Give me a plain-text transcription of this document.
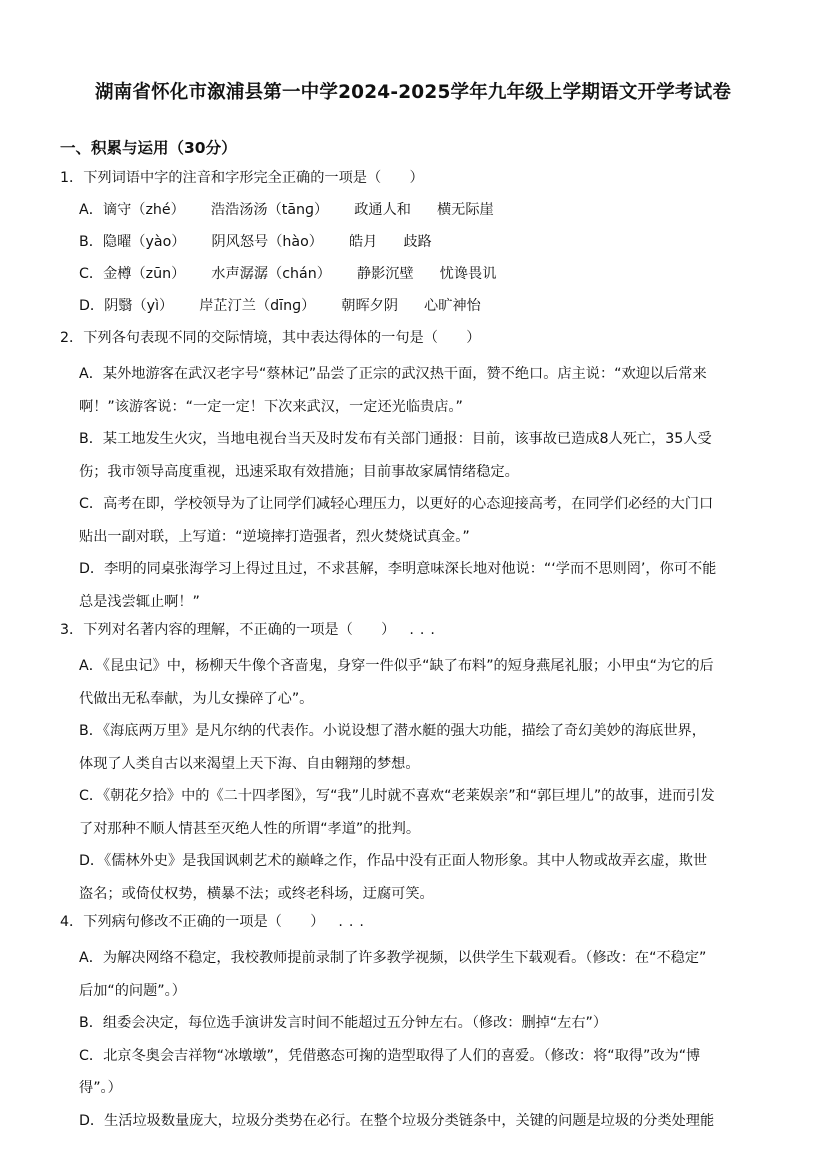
湖南省怀化市溆浦县第一中学2024-2025学年九年级上学期语文开学考试卷
一、积累与运用（30分）
1．下列词语中字的注音和字形完全正确的一项是（　　）
A．谪守（zhé） 浩浩汤汤（tānɡ） 政通人和 横无际崖
B．隐曜（yào） 阴风怒号（hào） 皓月 歧路
C．金樽（zūn） 水声潺潺（chán） 静影沉壁 忧谗畏讥
D．阴翳（yì） 岸芷汀兰（dīnɡ） 朝晖夕阴 心旷神怡
2．下列各句表现不同的交际情境，其中表达得体的一句是（　　）
A．某外地游客在武汉老字号“蔡林记”品尝了正宗的武汉热干面，赞不绝口。店主说：“欢迎以后常来
啊！”该游客说：“一定一定！下次来武汉，一定还光临贵店。”
B．某工地发生火灾，当地电视台当天及时发布有关部门通报：目前，该事故已造成8人死亡，35人受
伤；我市领导高度重视，迅速采取有效措施；目前事故家属情绪稳定。
C．高考在即，学校领导为了让同学们减轻心理压力，以更好的心态迎接高考，在同学们必经的大门口
贴出一副对联，上写道：“逆境摔打造强者，烈火焚烧试真金。”
D．李明的同桌张海学习上得过且过，不求甚解，李明意味深长地对他说：“‘学而不思则罔’，你可不能
总是浅尝辄止啊！”
3．下列对名著内容的理解，不正确的一项是（　　） ...
A．《昆虫记》中，杨柳天牛像个吝啬鬼，身穿一件似乎“缺了布料”的短身燕尾礼服；小甲虫“为它的后
代做出无私奉献，为儿女操碎了心”。
B．《海底两万里》是凡尔纳的代表作。小说设想了潜水艇的强大功能，描绘了奇幻美妙的海底世界，
体现了人类自古以来渴望上天下海、自由翱翔的梦想。
C．《朝花夕拾》中的《二十四孝图》，写“我”儿时就不喜欢“老莱娱亲”和“郭巨埋儿”的故事，进而引发
了对那种不顺人情甚至灭绝人性的所谓“孝道”的批判。
D．《儒林外史》是我国讽刺艺术的巅峰之作，作品中没有正面人物形象。其中人物或故弄玄虚，欺世
盗名；或倚仗权势，横暴不法；或终老科场，迂腐可笑。
4．下列病句修改不正确的一项是（　　） ...
A．为解决网络不稳定，我校教师提前录制了许多教学视频，以供学生下载观看。（修改：在“不稳定”
后加“的问题”。）
B．组委会决定，每位选手演讲发言时间不能超过五分钟左右。（修改：删掉“左右”）
C．北京冬奥会吉祥物“冰墩墩”，凭借憨态可掬的造型取得了人们的喜爱。（修改：将“取得”改为“博
得”。）
D．生活垃圾数量庞大，垃圾分类势在必行。在整个垃圾分类链条中，关键的问题是垃圾的分类处理能
